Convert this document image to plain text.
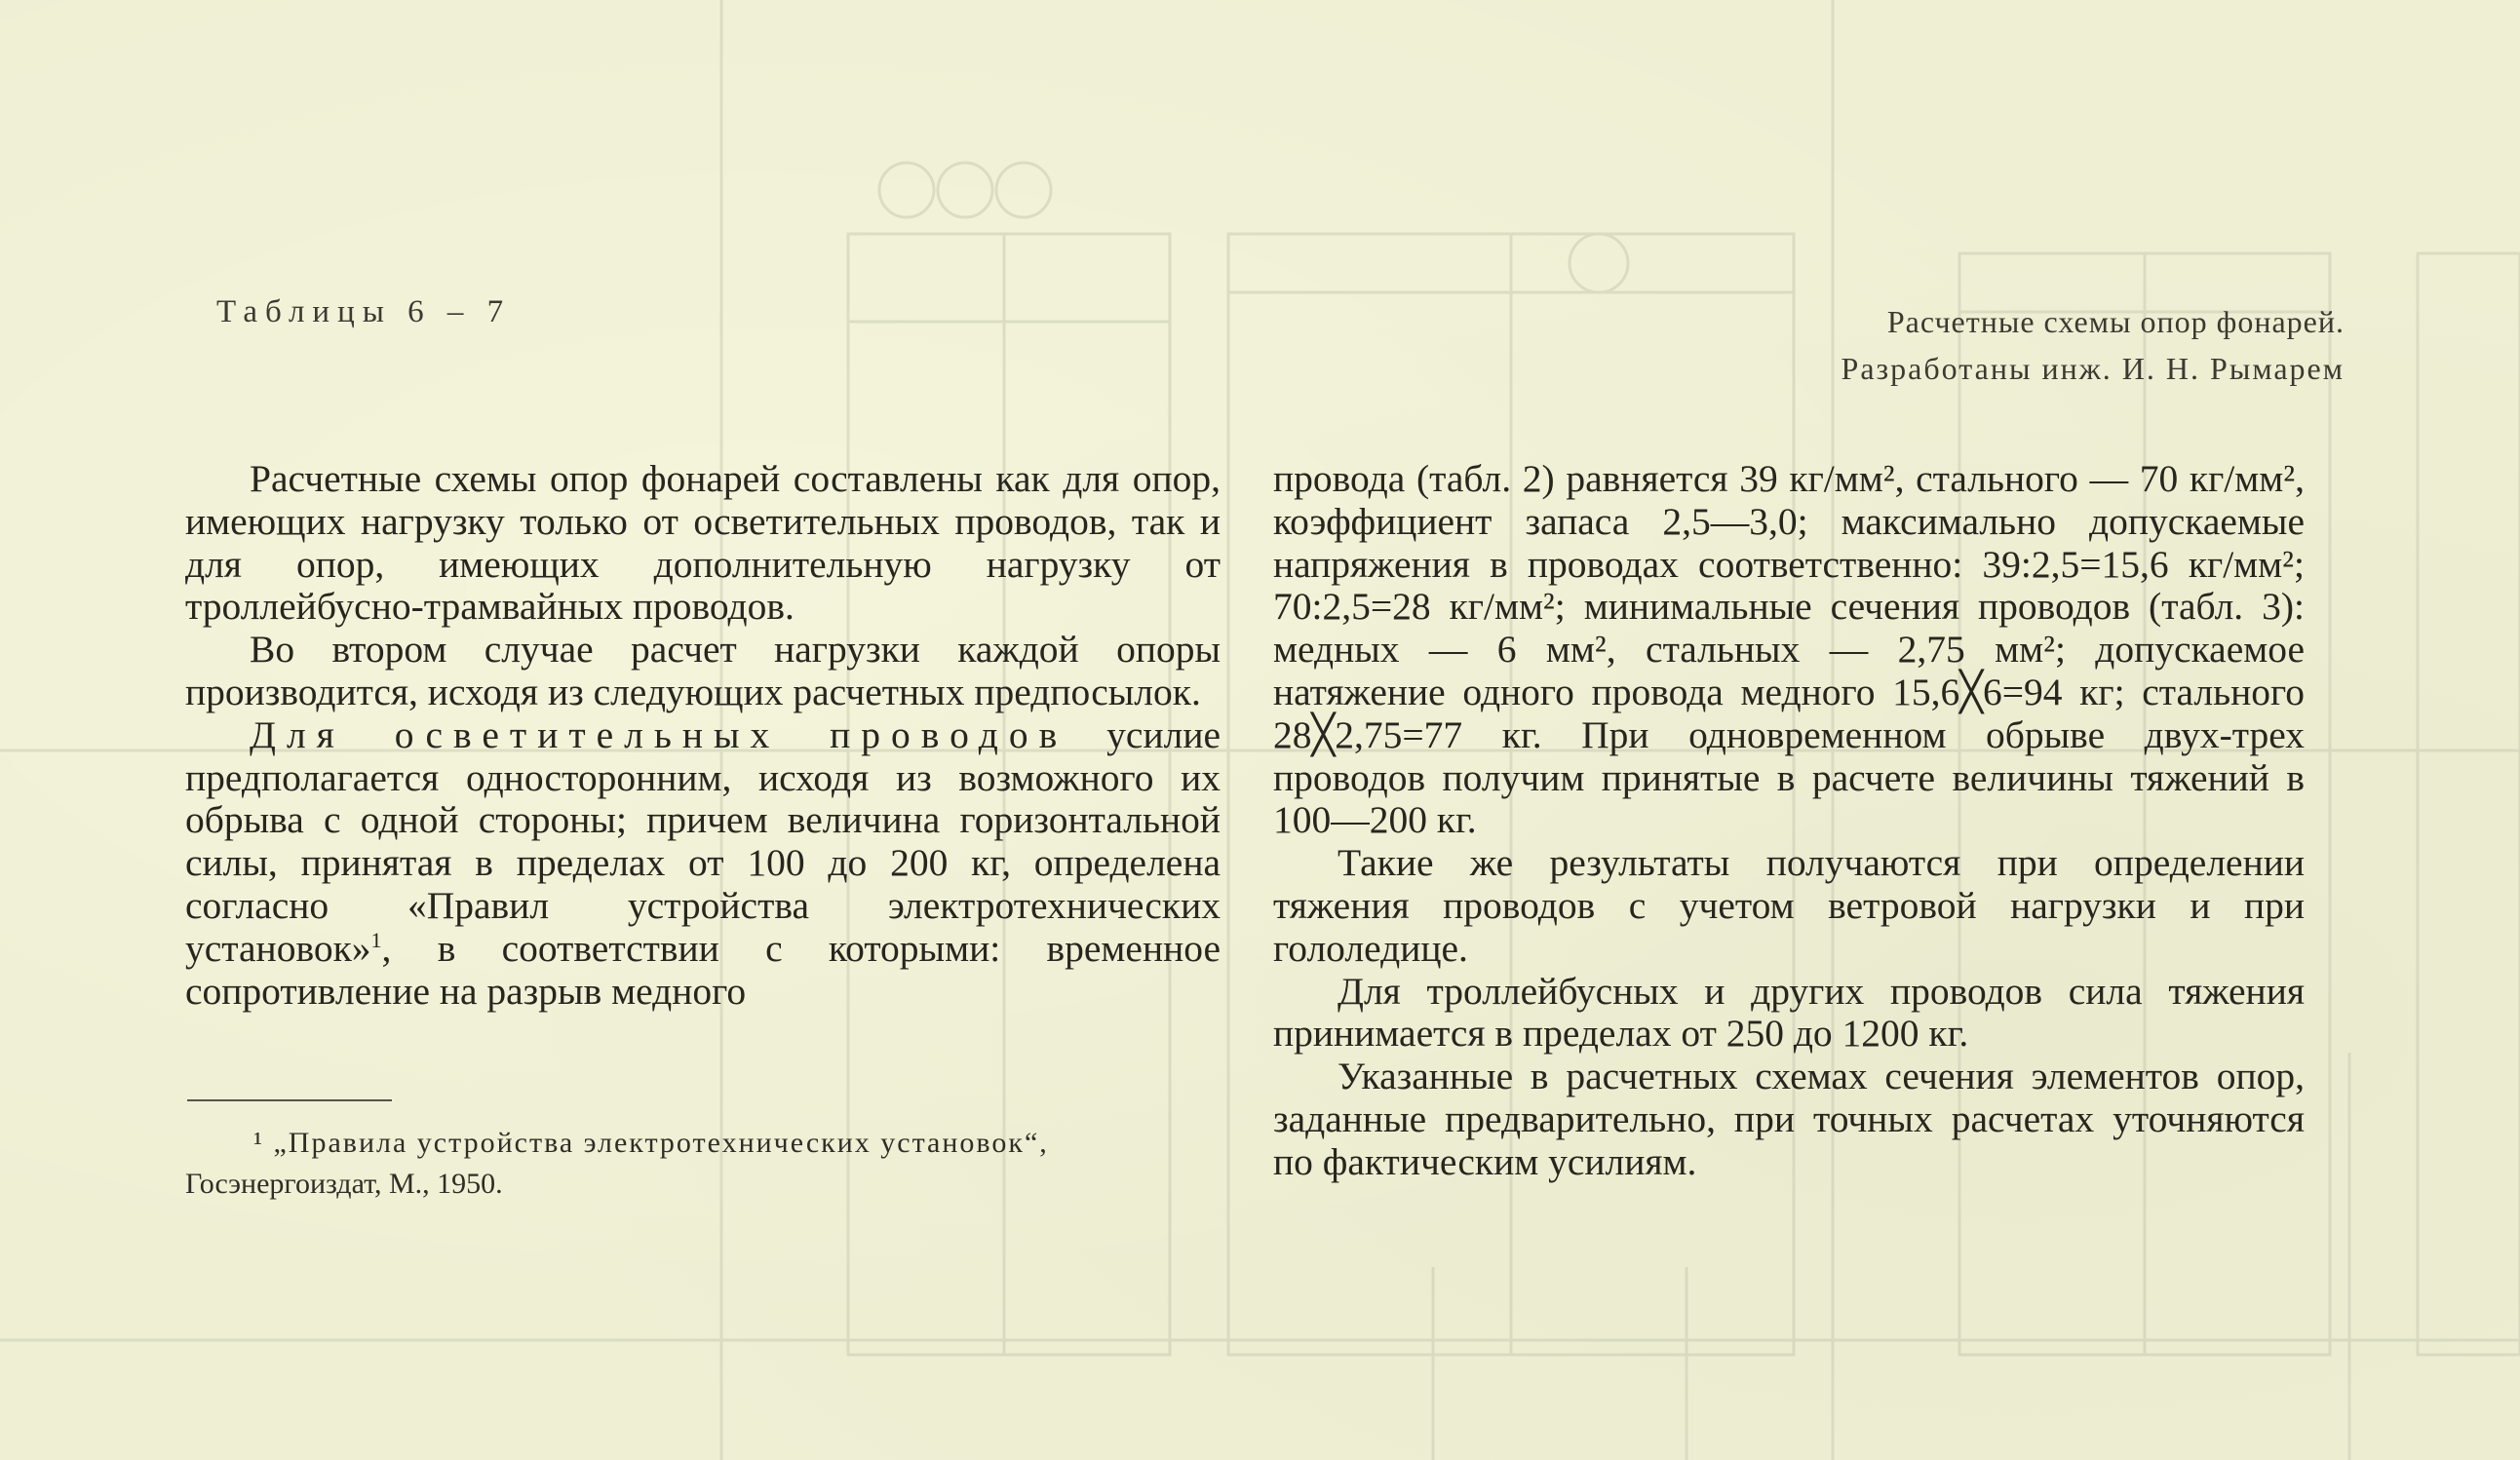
Таблицы 6 – 7	Расчетные схемы опор фонарей.
Разработаны инж. И. Н. Рымарем

Расчетные схемы опор фонарей составлены как для опор, имеющих нагрузку только от осветительных проводов, так и для опор, имеющих дополнительную нагрузку от троллейбусно-трамвайных проводов.

Во втором случае расчет нагрузки каждой опоры производится, исходя из следующих расчетных предпосылок.

Для осветительных проводов усилие предполагается односторонним, исходя из возможного их обрыва с одной стороны; причем величина горизонтальной силы, принятая в пределах от 100 до 200 кг, определена согласно «Правил устройства электротехнических установок»$^1$, в соответствии с которыми: временное сопротивление на разрыв медного

провода (табл. 2) равняется 39 кг/мм², стального — 70 кг/мм², коэффициент запаса 2,5—3,0; максимально допускаемые напряжения в проводах соответственно: 39:2,5=15,6 кг/мм²; 70:2,5=28 кг/мм²; минимальные сечения проводов (табл. 3): медных — 6 мм², стальных — 2,75 мм²; допускаемое натяжение одного провода медного 15,6╳6=94 кг; стального 28╳2,75=77 кг. При одновременном обрыве двух-трех проводов получим принятые в расчете величины тяжений в 100—200 кг.

Такие же результаты получаются при определении тяжения проводов с учетом ветровой нагрузки и при гололедице.

Для троллейбусных и других проводов сила тяжения принимается в пределах от 250 до 1200 кг.

Указанные в расчетных схемах сечения элементов опор, заданные предварительно, при точных расчетах уточняются по фактическим усилиям.

¹ „Правила устройства электротехнических установок“,
Госэнергоиздат, М., 1950.
